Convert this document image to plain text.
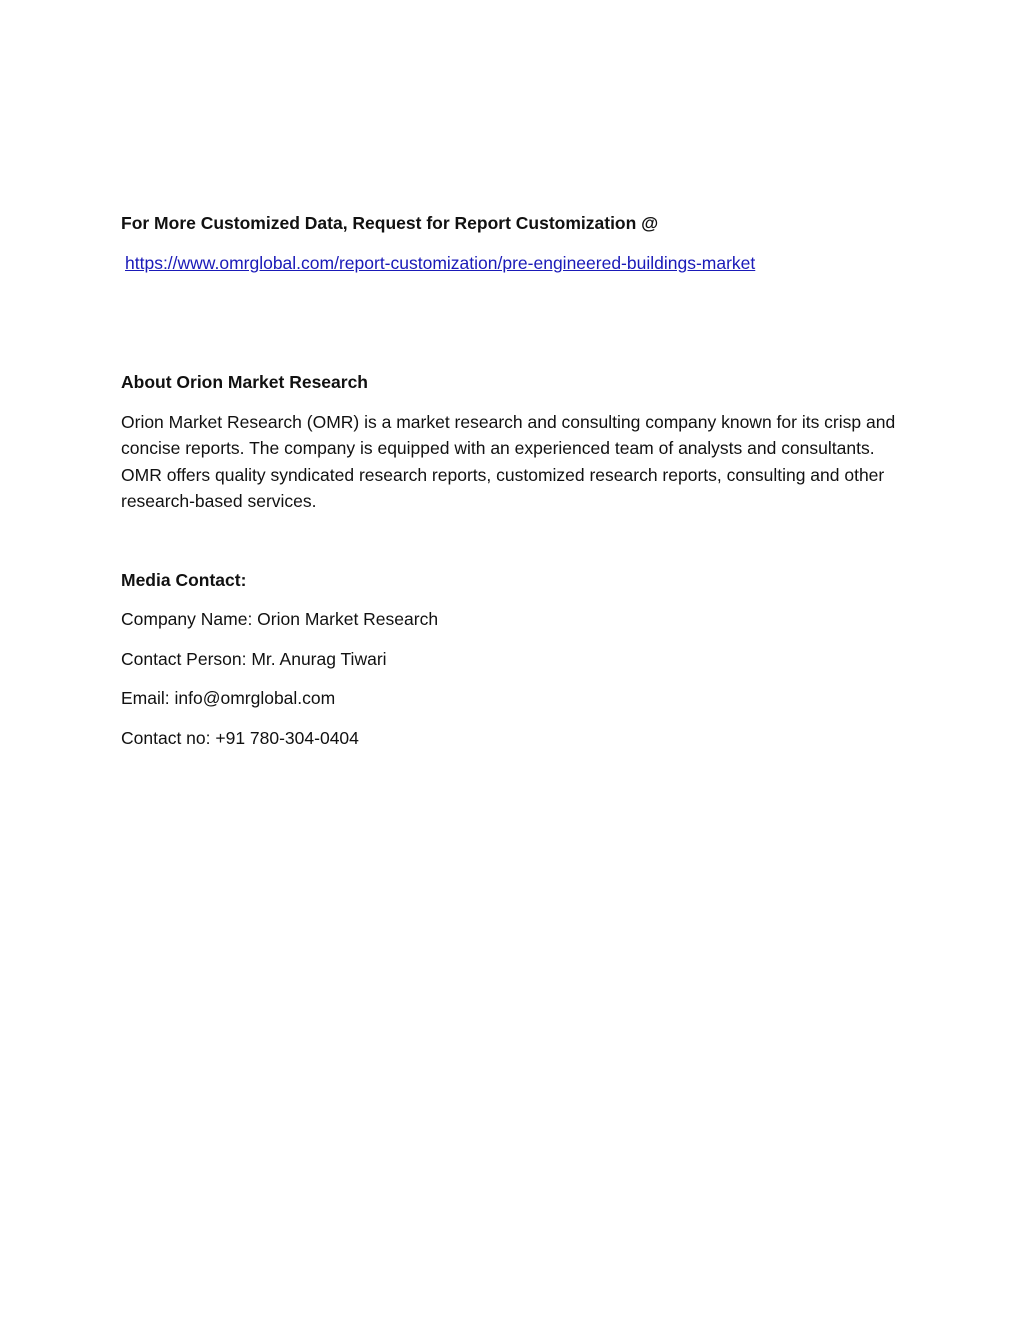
For More Customized Data, Request for Report Customization @

https://www.omrglobal.com/report-customization/pre-engineered-buildings-market

About Orion Market Research

Orion Market Research (OMR) is a market research and consulting company known for its crisp and concise reports. The company is equipped with an experienced team of analysts and consultants. OMR offers quality syndicated research reports, customized research reports, consulting and other research-based services.

Media Contact:

Company Name: Orion Market Research

Contact Person: Mr. Anurag Tiwari

Email: info@omrglobal.com

Contact no: +91 780-304-0404
